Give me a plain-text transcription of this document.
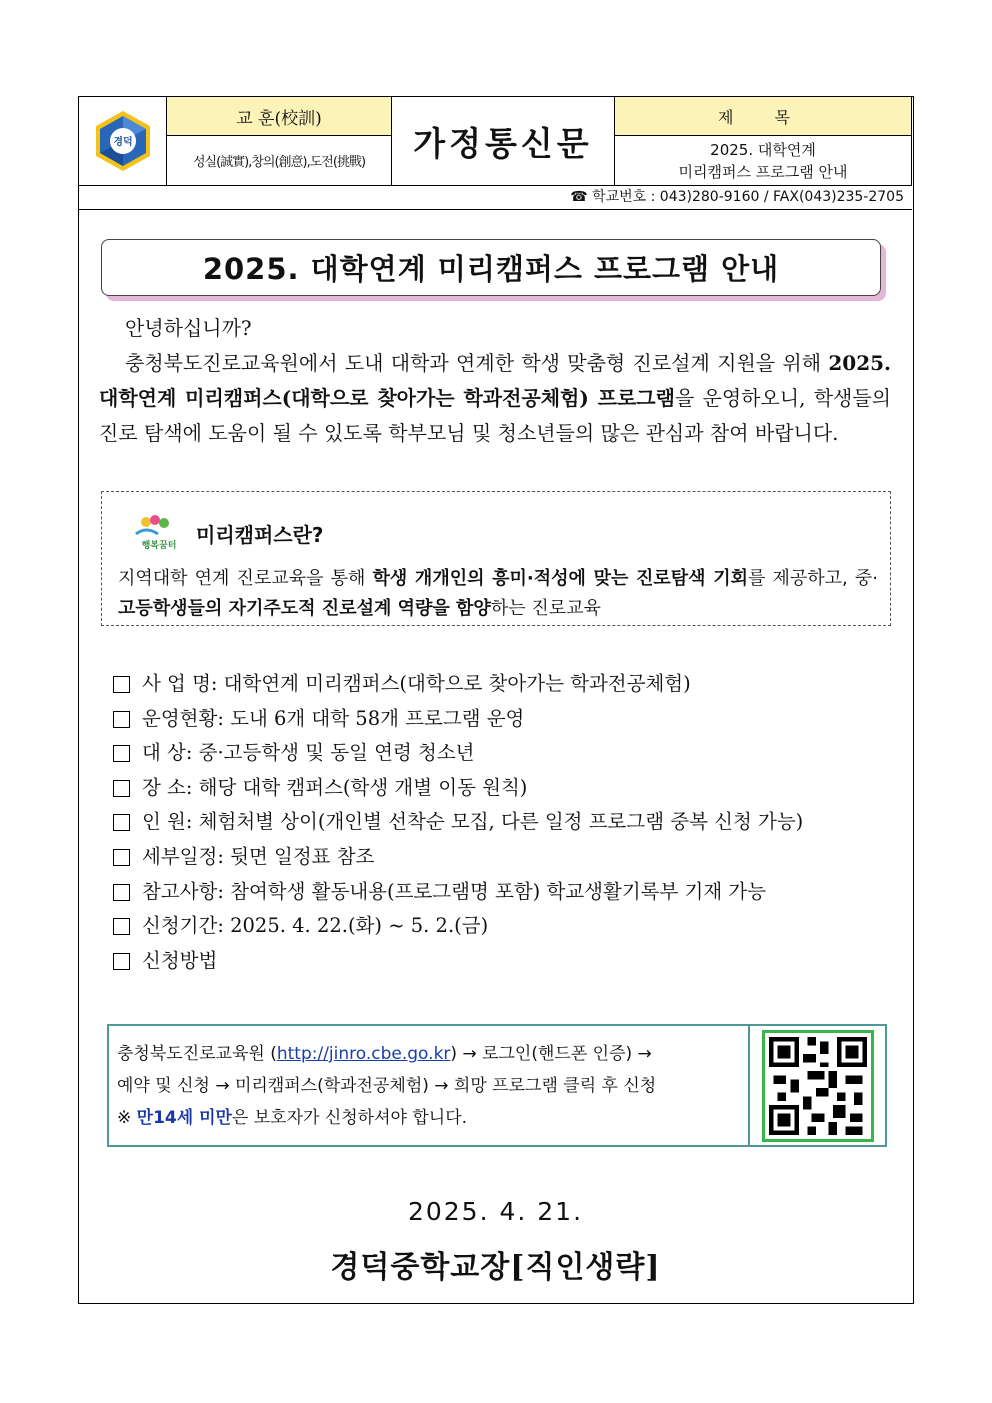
경덕
교 훈(校訓)
성실(誠實),창의(創意),도전(挑戰)	가정통신문
제 목
2025. 대학연계
미리캠퍼스 프로그램 안내
☎ 학교번호 : 043)280-9160 / FAX(043)235-2705
2025. 대학연계 미리캠퍼스 프로그램 안내

안녕하십니까?

충청북도진로교육원에서 도내 대학과 연계한 학생 맞춤형 진로설계 지원을 위해 2025. 대학연계 미리캠퍼스(대학으로 찾아가는 학과전공체험) 프로그램을 운영하오니, 학생들의 진로 탐색에 도움이 될 수 있도록 학부모님 및 청소년들의 많은 관심과 참여 바랍니다.

행복꿈터 미리캠퍼스란?
지역대학 연계 진로교육을 통해 학생 개개인의 흥미·적성에 맞는 진로탐색 기회를 제공하고, 중·고등학생들의 자기주도적 진로설계 역량을 함양하는 진로교육
사 업 명: 대학연계 미리캠퍼스(대학으로 찾아가는 학과전공체험)
운영현황: 도내 6개 대학 58개 프로그램 운영
대 상: 중·고등학생 및 동일 연령 청소년
장 소: 해당 대학 캠퍼스(학생 개별 이동 원칙)
인 원: 체험처별 상이(개인별 선착순 모집, 다른 일정 프로그램 중복 신청 가능)
세부일정: 뒷면 일정표 참조
참고사항: 참여학생 활동내용(프로그램명 포함) 학교생활기록부 기재 가능
신청기간: 2025. 4. 22.(화) ~ 5. 2.(금)
신청방법
충청북도진로교육원 (http://jinro.cbe.go.kr) → 로그인(핸드폰 인증) →
예약 및 신청 → 미리캠퍼스(학과전공체험) → 희망 프로그램 클릭 후 신청
※ 만14세 미만은 보호자가 신청하셔야 합니다.
2025. 4. 21.
경덕중학교장[직인생략]
